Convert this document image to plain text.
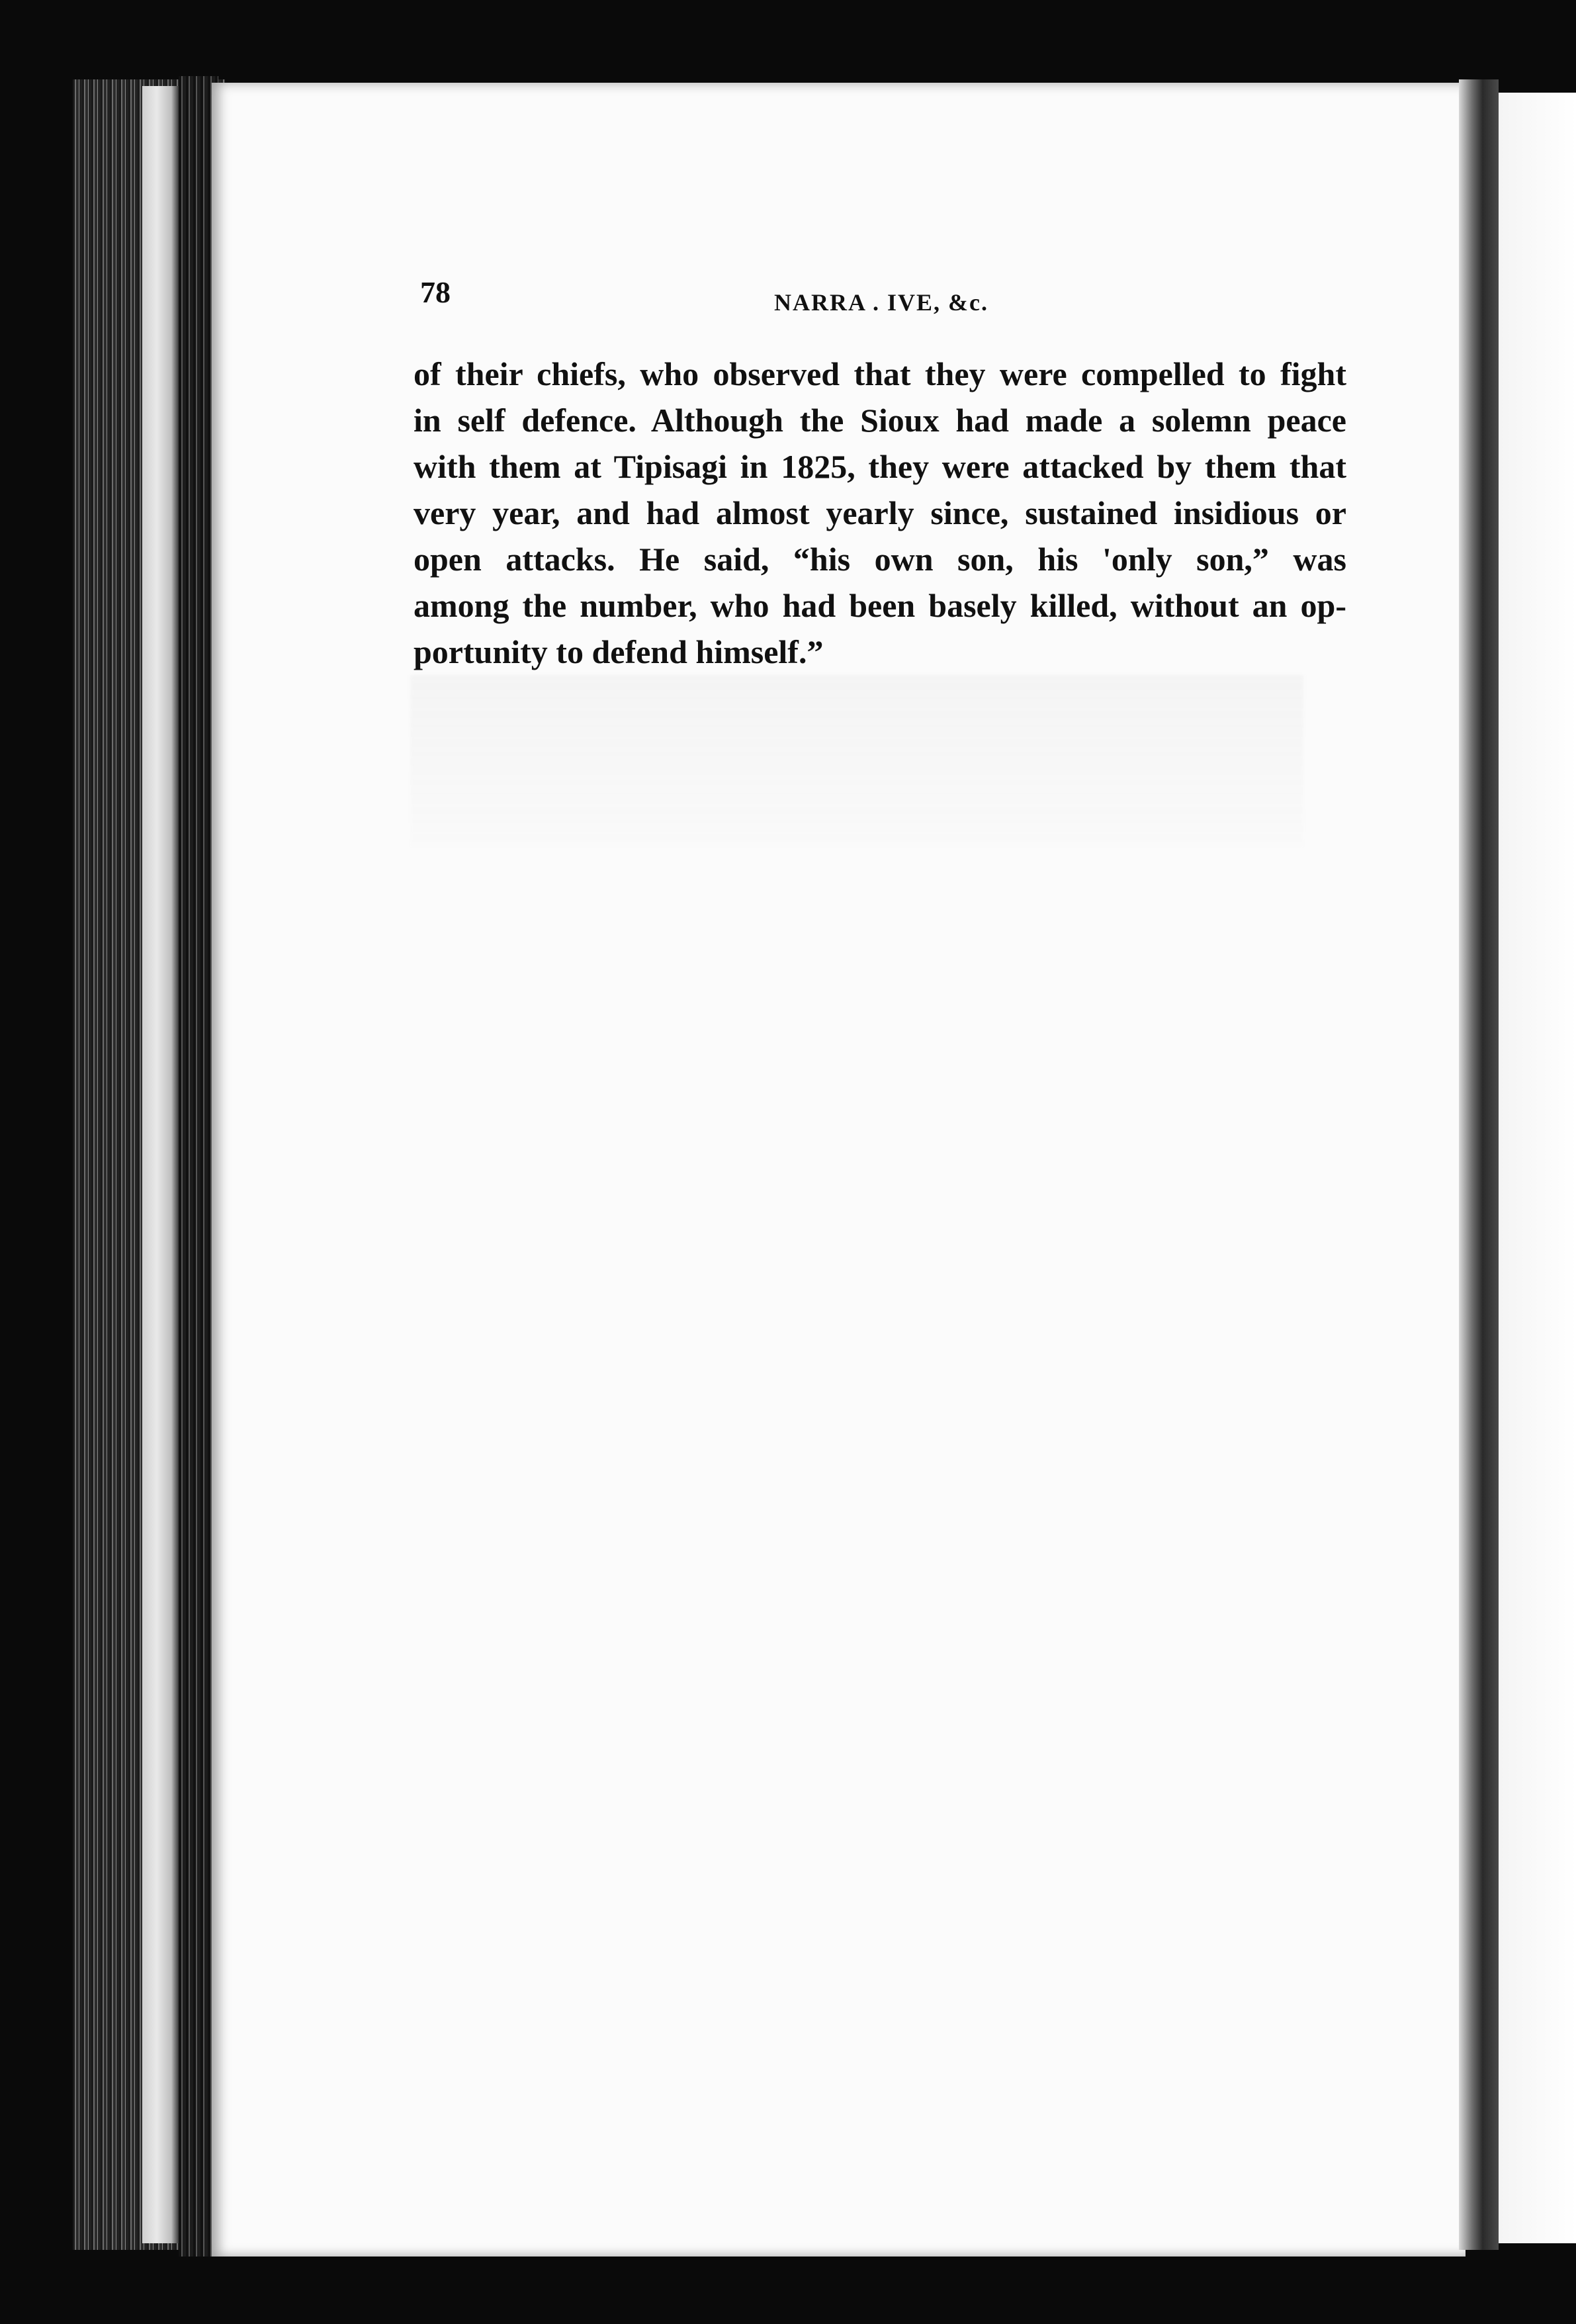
78	NARRA . IVE, &c.
of their chiefs, who observed that they were compelled to fight
in self defence. Although the Sioux had made a solemn peace
with them at Tipisagi in 1825, they were attacked by them that
very year, and had almost yearly since, sustained insidious or
open attacks. He said, “his own son, his 'only son,” was
among the number, who had been basely killed, without an op-
portunity to defend himself.”
